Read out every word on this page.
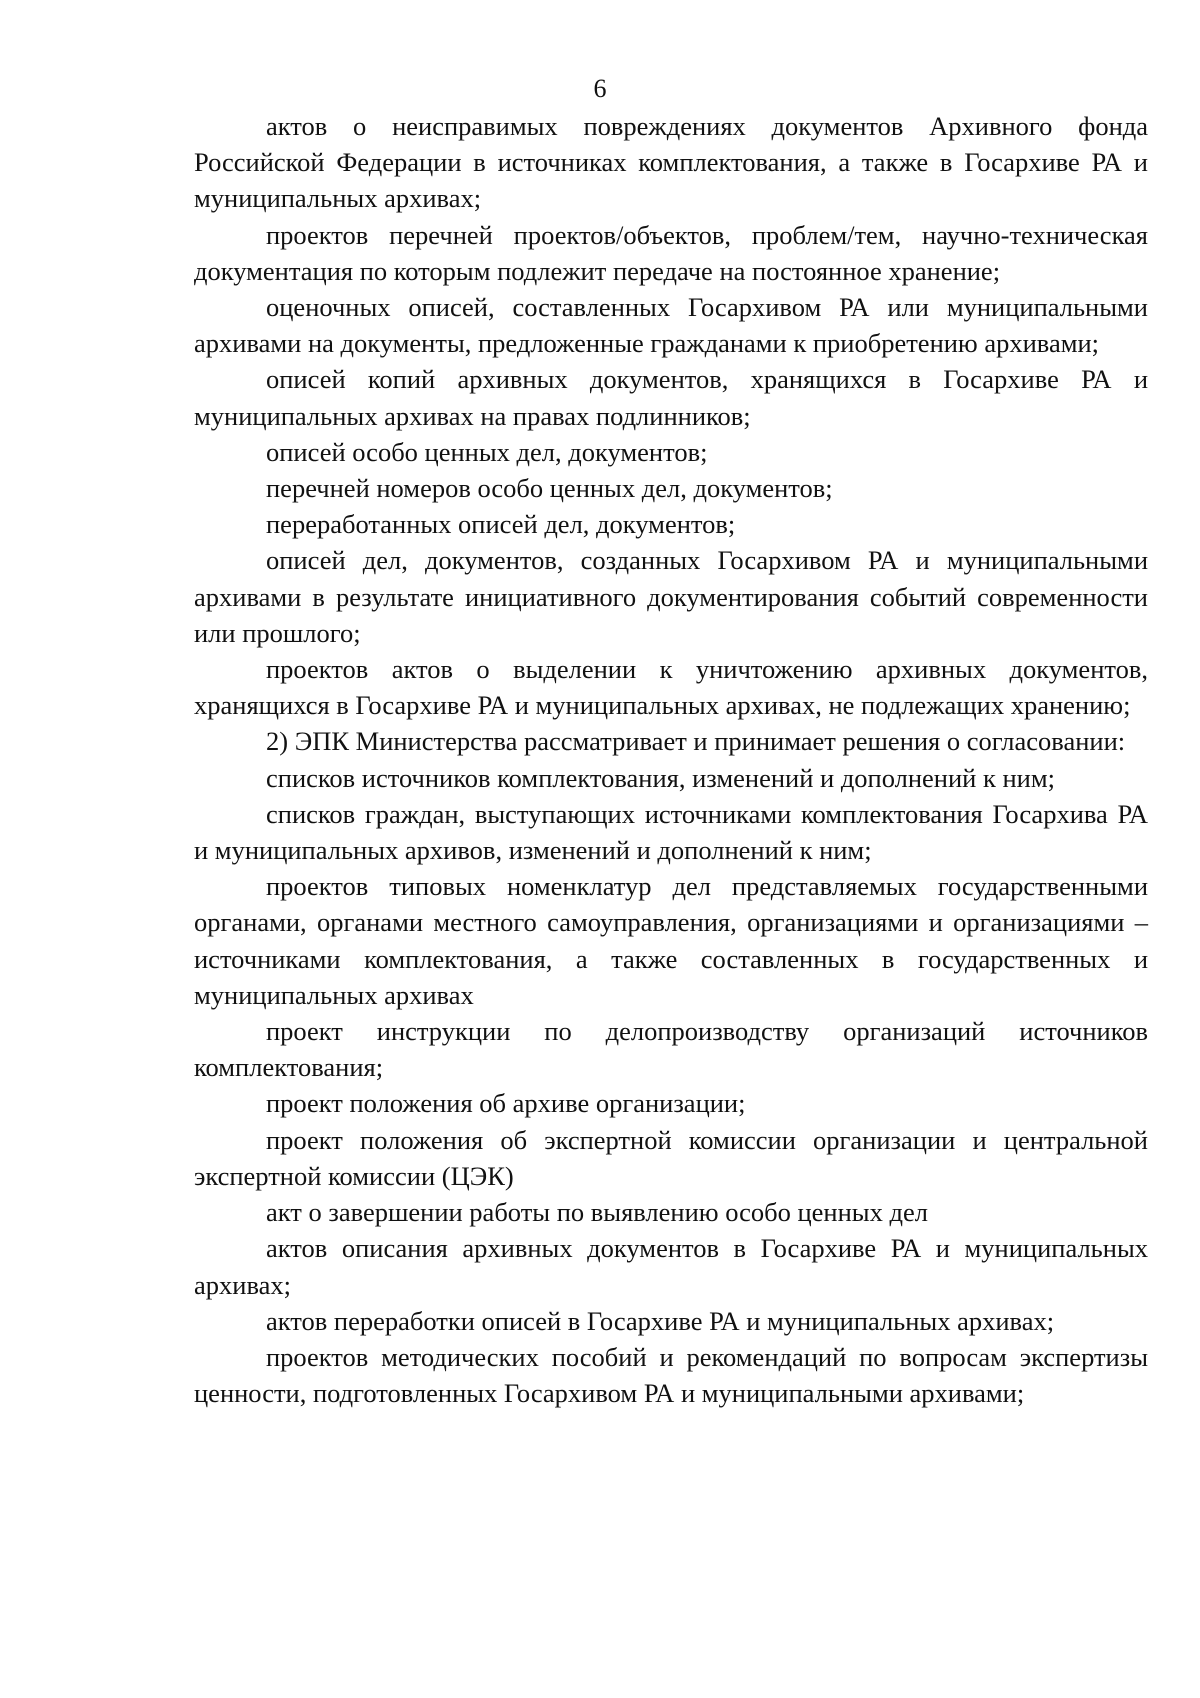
6

актов о неисправимых повреждениях документов Архивного фонда Российской Федерации в источниках комплектования, а также в Госархиве РА и муниципальных архивах;

проектов перечней проектов/объектов, проблем/тем, научно-техническая документация по которым подлежит передаче на постоянное хранение;

оценочных описей, составленных Госархивом РА или муниципальными архивами на документы, предложенные гражданами к приобретению архивами;

описей копий архивных документов, хранящихся в Госархиве РА и муниципальных архивах на правах подлинников;

описей особо ценных дел, документов;

перечней номеров особо ценных дел, документов;

переработанных описей дел, документов;

описей дел, документов, созданных Госархивом РА и муниципальными архивами в результате инициативного документирования событий современности или прошлого;

проектов актов о выделении к уничтожению архивных документов, хранящихся в Госархиве РА и муниципальных архивах, не подлежащих хранению;

2) ЭПК Министерства рассматривает и принимает решения о согласовании:

списков источников комплектования, изменений и дополнений к ним;

списков граждан, выступающих источниками комплектования Госархива РА и муниципальных архивов, изменений и дополнений к ним;

проектов типовых номенклатур дел представляемых государственными органами, органами местного самоуправления, организациями и организациями – источниками комплектования, а также составленных в государственных и муниципальных архивах

проект инструкции по делопроизводству организаций источников комплектования;

проект положения об архиве организации;

проект положения об экспертной комиссии организации и центральной экспертной комиссии (ЦЭК)

акт о завершении работы по выявлению особо ценных дел

актов описания архивных документов в Госархиве РА и муниципальных архивах;

актов переработки описей в Госархиве РА и муниципальных архивах;

проектов методических пособий и рекомендаций по вопросам экспертизы ценности, подготовленных Госархивом РА и муниципальными архивами;
